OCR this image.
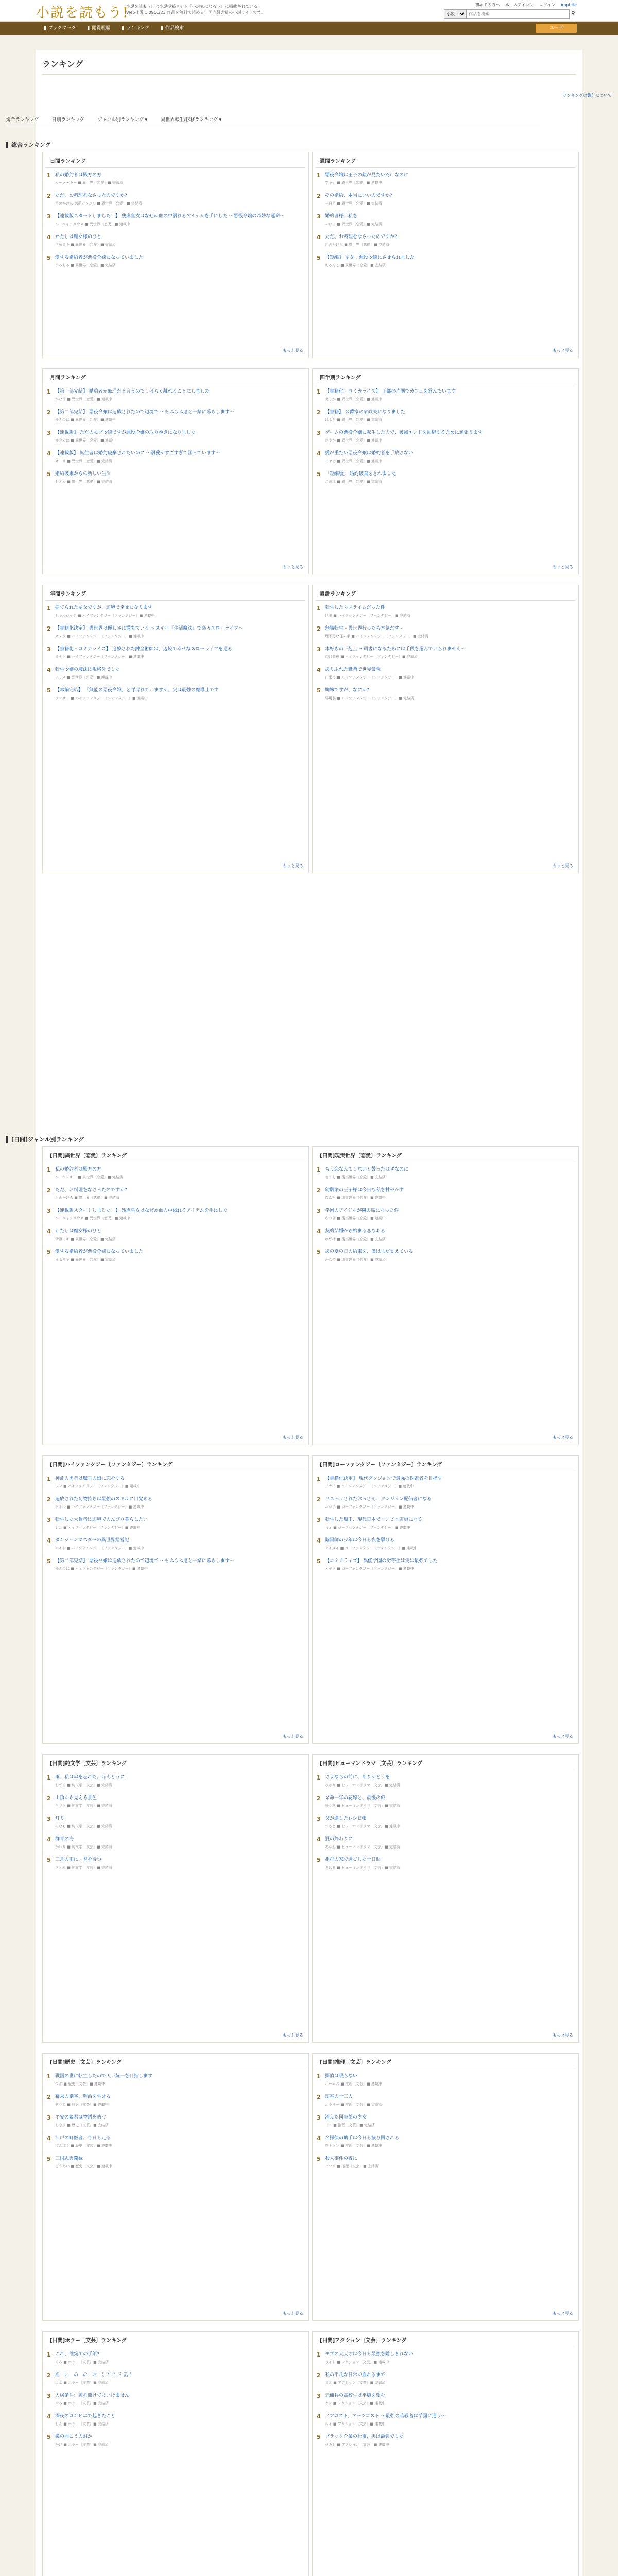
小説を読もう!
小説を読もう！は小説投稿サイト『小説家になろう』に掲載されている
Web小説 1,090,323 作品を無料で読める！国内最大級の小説サイトです。
初めての方へ ホームアイコン ログイン Apptitle
小説
作品を検索
⚲
▮ ブックマーク ▮ 閲覧履歴 ▮ ランキング ▮ 作品検索	ユーザ
ランキング
ランキングの集計について
総合ランキング	日別ランキング	ジャンル別ランキング ▾	異世界転生/転移ランキング ▾
総合ランキング
[日間]ジャンル別ランキング
日間ランキング
1 私の婚約者は殿方の方
ルーク・キー ■ 異世界〔恋愛〕■ 完結済
2 ただ、お料理をなさったのですか?
月のかけら 恋愛ジャンル ■ 異世界〔恋愛〕■ 完結済
3 【連載版スタートしました！】 残虐皇女はなぜか血の中溺れるアイテムを手にした 〜悪役令嬢の奇妙な運命〜
ルーニャシリウス ■ 異世界〔恋愛〕■ 連載中
4 わたしは魔女様のひと
伊藤ミキ ■ 異世界〔恋愛〕■ 完結済
5 愛する婚約者が悪役令嬢になっていました
まるちゃ ■ 異世界〔恋愛〕■ 完結済
もっと見る
週間ランキング
1 悪役令嬢は王子の顔が見たいだけなのに
アキナ ■ 異世界〔恋愛〕■ 連載中
2 その婚約、本当にいいのですか?
三日月 ■ 異世界〔恋愛〕■ 完結済
3 婚約者様、私を
みいる ■ 異世界〔恋愛〕■ 完結済
4 ただ、お料理をなさったのですか?
月のかけら ■ 異世界〔恋愛〕■ 完結済
5 【短編】 聖女、悪役令嬢にさせられました
ちゃんこ ■ 異世界〔恋愛〕■ 完結済
もっと見る
月間ランキング
1 【第一部完結】 婚約者が無理だと言うのでしばらく離れることにしました
かなう ■ 異世界〔恋愛〕■ 連載中
2 【第二部完結】 悪役令嬢は追放されたので辺境で 〜もふもふ達と一緒に暮らします〜
ゆきのは ■ 異世界〔恋愛〕■ 連載中
3 【連載版】 ただのモブ令嬢ですが悪役令嬢の取り巻きになりました
ゆきのは ■ 異世界〔恋愛〕■ 連載中
4 【連載版】 転生者は婚約破棄されたいのに 〜溺愛がすごすぎて困っています〜
オーリ ■ 異世界〔恋愛〕■ 完結済
5 婚約破棄からの新しい生活
シエル ■ 異世界〔恋愛〕■ 完結済
もっと見る
四半期ランキング
1 【書籍化・コミカライズ】 王都の片隅でカフェを営んでいます
えりか ■ 異世界〔恋愛〕■ 連載中
2 【書籍】 公爵家の家政夫になりました
はると ■ 異世界〔恋愛〕■ 完結済
3 ゲームの悪役令嬢に転生したので、破滅エンドを回避するために頑張ります
さやか ■ 異世界〔恋愛〕■ 連載中
4 愛が重たい悪役令嬢は婚約者を手放さない
ミヤビ ■ 異世界〔恋愛〕■ 連載中
5 「短編版」 婚約破棄をされました
このは ■ 異世界〔恋愛〕■ 完結済
もっと見る
年間ランキング
1 捨てられた聖女ですが、辺境で幸せになります
シャルロッテ ■ ハイファンタジー〔ファンタジー〕■ 連載中
2 【書籍化決定】 異世界は優しさに満ちている 〜スキル『生活魔法』で楽々スローライフ〜
スノウ ■ ハイファンタジー〔ファンタジー〕■ 連載中
3 【書籍化・コミカライズ】 追放された錬金術師は、辺境で幸せなスローライフを送る
ミナト ■ ハイファンタジー〔ファンタジー〕■ 連載中
4 転生令嬢の魔法は規格外でした
アリス ■ 異世界〔恋愛〕■ 連載中
5 【本編完結】 「無能の悪役令嬢」と呼ばれていますが、実は最強の魔導士です
ランサー ■ ハイファンタジー〔ファンタジー〕■ 連載中
もっと見る
累計ランキング
1 転生したらスライムだった件
伏瀬 ■ ハイファンタジー〔ファンタジー〕■ 完結済
2 無職転生 - 異世界行ったら本気だす -
理不尽な孫の手 ■ ハイファンタジー〔ファンタジー〕■ 完結済
3 本好きの下剋上 〜司書になるためには手段を選んでいられません〜
香月美夜 ■ ハイファンタジー〔ファンタジー〕■ 完結済
4 ありふれた職業で世界最強
白米良 ■ ハイファンタジー〔ファンタジー〕■ 連載中
5 蜘蛛ですが、なにか?
馬場翁 ■ ハイファンタジー〔ファンタジー〕■ 完結済
もっと見る
[日間]異世界〔恋愛〕ランキング
1 私の婚約者は殿方の方
ルーク・キー ■ 異世界〔恋愛〕■ 完結済
2 ただ、お料理をなさったのですか?
月のかけら ■ 異世界〔恋愛〕■ 完結済
3 【連載版スタートしました！】 残虐皇女はなぜか血の中溺れるアイテムを手にした
ルーニャシリウス ■ 異世界〔恋愛〕■ 連載中
4 わたしは魔女様のひと
伊藤ミキ ■ 異世界〔恋愛〕■ 完結済
5 愛する婚約者が悪役令嬢になっていました
まるちゃ ■ 異世界〔恋愛〕■ 完結済
もっと見る
[日間]現実世界〔恋愛〕ランキング
1 もう恋なんてしないと誓ったはずなのに
さくら ■ 現実世界〔恋愛〕■ 完結済
2 幼馴染の王子様は今日も私を甘やかす
ひなた ■ 現実世界〔恋愛〕■ 連載中
3 学園のアイドルが隣の席になった件
なつき ■ 現実世界〔恋愛〕■ 連載中
4 契約結婚から始まる恋もある
ゆずは ■ 現実世界〔恋愛〕■ 完結済
5 あの夏の日の約束を、僕はまだ覚えている
かなで ■ 現実世界〔恋愛〕■ 完結済
もっと見る
[日間]ハイファンタジー〔ファンタジー〕ランキング
1 神託の勇者は魔王の娘に恋をする
シン ■ ハイファンタジー〔ファンタジー〕■ 連載中
2 追放された荷物持ちは最強のスキルに目覚める
トオル ■ ハイファンタジー〔ファンタジー〕■ 連載中
3 転生した大賢者は辺境でのんびり暮らしたい
レン ■ ハイファンタジー〔ファンタジー〕■ 連載中
4 ダンジョンマスターの異世界経営記
カイト ■ ハイファンタジー〔ファンタジー〕■ 連載中
5 【第二部完結】 悪役令嬢は追放されたので辺境で 〜もふもふ達と一緒に暮らします〜
ゆきのは ■ ハイファンタジー〔ファンタジー〕■ 連載中
もっと見る
[日間]ローファンタジー〔ファンタジー〕ランキング
1 【書籍化決定】 現代ダンジョンで最強の探索者を目指す
アオイ ■ ローファンタジー〔ファンタジー〕■ 連載中
2 リストラされたおっさん、ダンジョン配信者になる
ゴロウ ■ ローファンタジー〔ファンタジー〕■ 連載中
3 転生した魔王、現代日本でコンビニ店員になる
マオ ■ ローファンタジー〔ファンタジー〕■ 連載中
4 陰陽師の少年は今日も夜を駆ける
セイメイ ■ ローファンタジー〔ファンタジー〕■ 連載中
5 【コミカライズ】 異能学園の劣等生は実は最強でした
ハヤト ■ ローファンタジー〔ファンタジー〕■ 連載中
もっと見る
[日間]純文学〔文芸〕ランキング
1 雨、私は傘を忘れた。ほんとうに
しずく ■ 純文学〔文芸〕■ 完結済
2 山頂から見える景色
ヤマト ■ 純文学〔文芸〕■ 完結済
3 灯り
みなも ■ 純文学〔文芸〕■ 完結済
4 群青の海
かいり ■ 純文学〔文芸〕■ 完結済
5 三月の雨に、君を待つ
さとみ ■ 純文学〔文芸〕■ 完結済
もっと見る
[日間]ヒューマンドラマ〔文芸〕ランキング
1 さよならの前に、ありがとうを
ひかり ■ ヒューマンドラマ〔文芸〕■ 完結済
2 余命一年の花嫁と、最後の旅
ゆうき ■ ヒューマンドラマ〔文芸〕■ 完結済
3 父が遺したレシピ帳
まさと ■ ヒューマンドラマ〔文芸〕■ 連載中
4 夏の終わりに
あかね ■ ヒューマンドラマ〔文芸〕■ 完結済
5 祖母の家で過ごした十日間
ちはる ■ ヒューマンドラマ〔文芸〕■ 完結済
もっと見る
[日間]歴史〔文芸〕ランキング
1 戦国の世に転生したので天下統一を目指します
のぶ ■ 歴史〔文芸〕■ 連載中
2 幕末の剣客、明治を生きる
そうじ ■ 歴史〔文芸〕■ 連載中
3 平安の姫君は物語を紡ぐ
しきぶ ■ 歴史〔文芸〕■ 完結済
4 江戸の町医者、今日も走る
げんぱく ■ 歴史〔文芸〕■ 連載中
5 三国志異聞録
こうめい ■ 歴史〔文芸〕■ 連載中
もっと見る
[日間]推理〔文芸〕ランキング
1 探偵は眠らない
ホームズ ■ 推理〔文芸〕■ 連載中
2 密室の十三人
エラリー ■ 推理〔文芸〕■ 完結済
3 消えた図書館の少女
ミス ■ 推理〔文芸〕■ 完結済
4 名探偵の助手は今日も振り回される
ワトソン ■ 推理〔文芸〕■ 連載中
5 殺人事件の夜に
ポワロ ■ 推理〔文芸〕■ 完結済
もっと見る
[日間]ホラー〔文芸〕ランキング
1 これ、誰宛ての手紙?
くろ ■ ホラー〔文芸〕■ 完結済
2 あ　い　の　の　お　（ ２ ２ ３ 話 ）
よる ■ ホラー〔文芸〕■ 完結済
3 入居条件：窓を開けてはいけません
やみ ■ ホラー〔文芸〕■ 完結済
4 深夜のコンビニで起きたこと
しん ■ ホラー〔文芸〕■ 完結済
5 鏡の向こうの誰か
かげ ■ ホラー〔文芸〕■ 完結済
[日間]アクション〔文芸〕ランキング
1 モブの大天才は今日も最強を隠しきれない
ライト ■ アクション〔文芸〕■ 連載中
2 私の平凡な日常が崩れるまで
ミオ ■ アクション〔文芸〕■ 完結済
3 元傭兵の高校生は平穏を望む
ケン ■ アクション〔文芸〕■ 連載中
4 ノアコスト、アーツコスト 〜最強の暗殺者は学園に通う〜
レイ ■ アクション〔文芸〕■ 連載中
5 ブラック企業の社畜、実は最強でした
タカシ ■ アクション〔文芸〕■ 連載中
